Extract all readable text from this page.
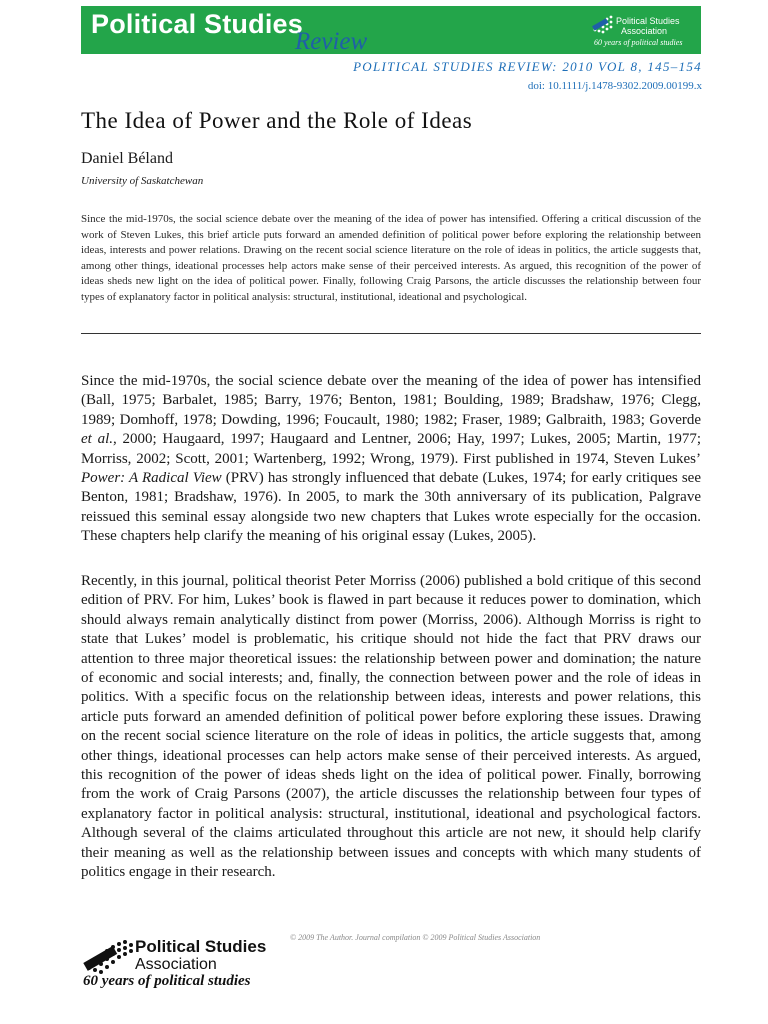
Political Studies
Review
Political Studies
Association
60 years of political studies
POLITICAL STUDIES REVIEW: 2010 VOL 8, 145–154
doi: 10.1111/j.1478-9302.2009.00199.x
The Idea of Power and the Role of Ideas
Daniel Béland
University of Saskatchewan

Since the mid-1970s, the social science debate over the meaning of the idea of power has intensified. Offering a critical discussion of the work of Steven Lukes, this brief article puts forward an amended definition of political power before exploring the relationship between ideas, interests and power relations. Drawing on the recent social science literature on the role of ideas in politics, the article suggests that, among other things, ideational processes help actors make sense of their perceived interests. As argued, this recognition of the power of ideas sheds new light on the idea of political power. Finally, following Craig Parsons, the article discusses the relationship between four types of explanatory factor in political analysis: structural, institutional, ideational and psychological.

Since the mid-1970s, the social science debate over the meaning of the idea of power has intensified (Ball, 1975; Barbalet, 1985; Barry, 1976; Benton, 1981; Boulding, 1989; Bradshaw, 1976; Clegg, 1989; Domhoff, 1978; Dowding, 1996; Foucault, 1980; 1982; Fraser, 1989; Galbraith, 1983; Goverde et al., 2000; Haugaard, 1997; Haugaard and Lentner, 2006; Hay, 1997; Lukes, 2005; Martin, 1977; Morriss, 2002; Scott, 2001; Wartenberg, 1992; Wrong, 1979). First published in 1974, Steven Lukes’ Power: A Radical View (PRV) has strongly influenced that debate (Lukes, 1974; for early critiques see Benton, 1981; Bradshaw, 1976). In 2005, to mark the 30th anniversary of its publication, Palgrave reissued this seminal essay alongside two new chapters that Lukes wrote especially for the occasion. These chapters help clarify the meaning of his original essay (Lukes, 2005).

Recently, in this journal, political theorist Peter Morriss (2006) published a bold critique of this second edition of PRV. For him, Lukes’ book is flawed in part because it reduces power to domination, which should always remain analytically distinct from power (Morriss, 2006). Although Morriss is right to state that Lukes’ model is problematic, his critique should not hide the fact that PRV draws our attention to three major theoretical issues: the relationship between power and domination; the nature of economic and social interests; and, finally, the connection between power and the role of ideas in politics. With a specific focus on the relationship between ideas, interests and power relations, this article puts forward an amended definition of political power before exploring these issues. Drawing on the recent social science literature on the role of ideas in politics, the article suggests that, among other things, ideational processes can help actors make sense of their perceived interests. As argued, this recognition of the power of ideas sheds light on the idea of political power. Finally, borrowing from the work of Craig Parsons (2007), the article discusses the relationship between four types of explanatory factor in political analysis: structural, institutional, ideational and psychological factors. Although several of the claims articulated throughout this article are not new, it should help clarify their meaning as well as the relationship between issues and concepts with which many students of politics engage in their research.

Political Studies
Association
60 years of political studies
© 2009 The Author. Journal compilation © 2009 Political Studies Association
